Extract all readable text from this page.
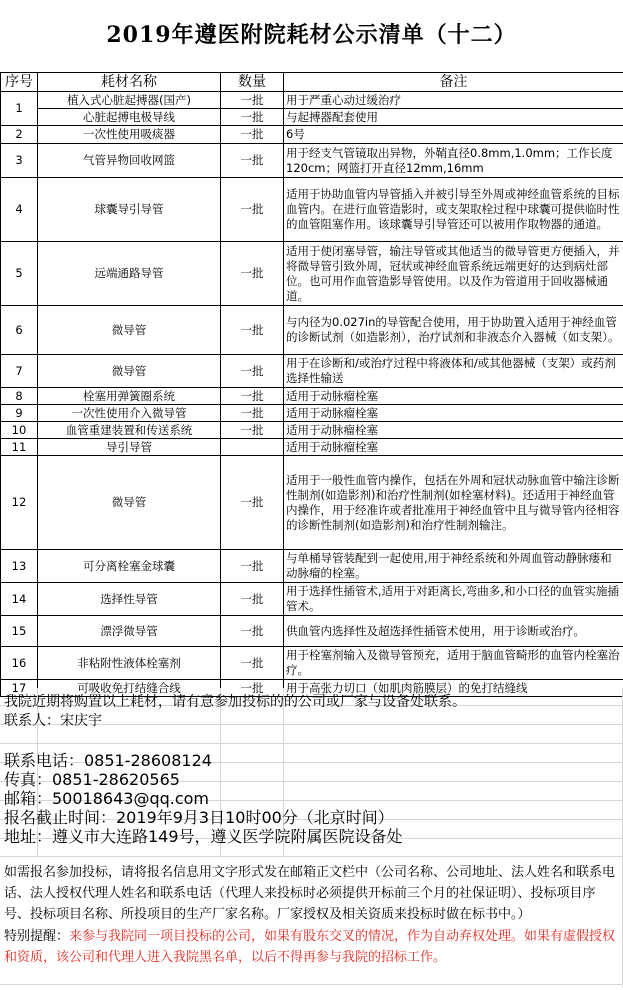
2019年遵医附院耗材公示清单（十二）
序号	耗材名称	数量	备注
1	植入式心脏起搏器(国产)	一批	用于严重心动过缓治疗
	心脏起搏电极导线	一批	与起搏器配套使用
2	一次性使用吸痰器	一批	6号
3	气管异物回收网篮	一批	用于经支气管镜取出异物，外鞘直径0.8mm,1.0mm；工作长度120cm；网篮打开直径12mm,16mm
4	球囊导引导管	一批	适用于协助血管内导管插入并被引导至外周或神经血管系统的目标血管内。在进行血管造影时，或支架取栓过程中球囊可提供临时性的血管阻塞作用。该球囊导引导管还可以被用作取物器的通道。
5	远端通路导管	一批	适用于使闭塞导管，输注导管或其他适当的微导管更方便插入，并将微导管引致外周，冠状或神经血管系统远端更好的达到病灶部位。也可用作血管造影导管使用。以及作为管道用于回收器械通道。
6	微导管	一批	与内径为0.027in的导管配合使用，用于协助置入适用于神经血管的诊断试剂（如造影剂），治疗试剂和非液态介入器械（如支架）。
7	微导管	一批	用于在诊断和/或治疗过程中将液体和/或其他器械（支架）或药剂选择性输送
8	栓塞用弹簧圈系统	一批	适用于动脉瘤栓塞
9	一次性使用介入微导管	一批	适用于动脉瘤栓塞
10	血管重建装置和传送系统	一批	适用于动脉瘤栓塞
11	导引导管		适用于动脉瘤栓塞
12	微导管	一批	适用于一般性血管内操作，包括在外周和冠状动脉血管中输注诊断性制剂(如造影剂)和治疗性制剂(如栓塞材料)。还适用于神经血管内操作，用于经准许或者批准用于神经血管中且与微导管内径相容的诊断性制剂(如造影剂)和治疗性制剂输注。
13	可分离栓塞金球囊	一批	与单桶导管装配到一起使用,用于神经系统和外周血管动静脉瘘和动脉瘤的栓塞。
14	选择性导管	一批	用于选择性插管术,适用于对距离长,弯曲多,和小口径的血管实施插管术。
15	漂浮微导管	一批	供血管内选择性及超选择性插管术使用，用于诊断或治疗。
16	非粘附性液体栓塞剂	一批	用于栓塞剂输入及微导管预充，适用于脑血管畸形的血管内栓塞治疗。
17	可吸收免打结缝合线	一批	用于高张力切口（如肌肉筋膜层）的免打结缝线
我院近期将购置以上耗材，请有意参加投标的的公司或厂家与设备处联系。
联系人：宋庆宇
联系电话：0851-28608124
传真：0851-28620565
邮箱：50018643@qq.com
报名截止时间：2019年9月3日10时00分（北京时间）
地址：遵义市大连路149号，遵义医学院附属医院设备处
如需报名参加投标，请将报名信息用文字形式发在邮箱正文栏中（公司名称、公司地址、法人姓名和联系电话、法人授权代理人姓名和联系电话（代理人来投标时必须提供开标前三个月的社保证明）、投标项目序号、投标项目名称、所投项目的生产厂家名称。厂家授权及相关资质来投标时做在标书中。）
特别提醒：来参与我院同一项目投标的公司，如果有股东交叉的情况，作为自动弃权处理。如果有虚假授权和资质，该公司和代理人进入我院黑名单，以后不得再参与我院的招标工作。
